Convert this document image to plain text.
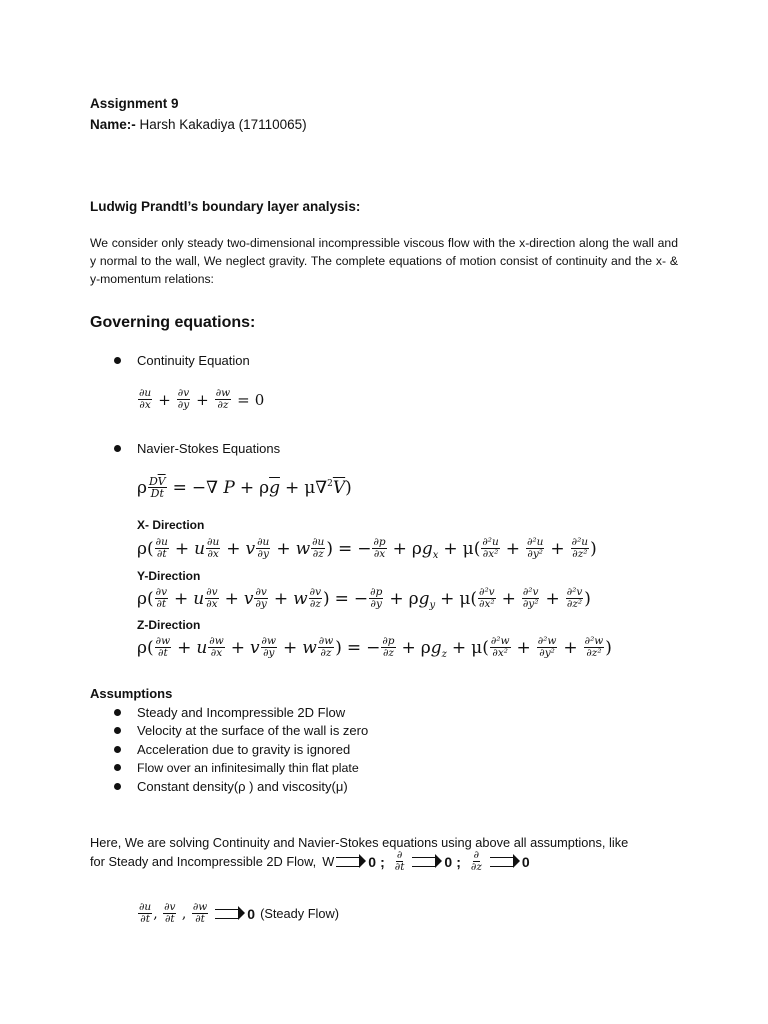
Assignment 9
Name:- Harsh Kakadiya (17110065)
Ludwig Prandtl’s boundary layer analysis:
We consider only steady two-dimensional incompressible viscous flow with the x-direction along the wall and y normal to the wall, We neglect gravity. The complete equations of motion consist of continuity and the x- & y-momentum relations:
Governing equations:
Continuity Equation
$\frac{\partial u}{\partial x} + \frac{\partial v}{\partial y} + \frac{\partial w}{\partial z} = 0$
Navier-Stokes Equations
ρ $\frac{D\overline{V}}{Dt}$ = −∇ $P + \rho\overline{g} + \mu\nabla^2\overline{V}$)
X- Direction
$\rho( \frac{\partial u}{\partial t} + u \frac{\partial u}{\partial x} + v \frac{\partial u}{\partial y} + w \frac{\partial u}{\partial z}$ ) = − $\frac{\partial p}{\partial x} + \rho g_x + \mu( \frac{\text{∂²u}}{\text{∂x²}} + \frac{\text{∂²u}}{\text{∂y²}} + \frac{\text{∂²u}}{\text{∂z²}}$ )
Y-Direction
$\rho( \frac{\partial v}{\partial t} + u \frac{\partial v}{\partial x} + v \frac{\partial v}{\partial y} + w \frac{\partial v}{\partial z}$ ) = − $\frac{\partial p}{\partial y} + \rho g_y + \mu( \frac{\text{∂²v}}{\text{∂x²}} + \frac{\text{∂²v}}{\text{∂y²}} + \frac{\text{∂²v}}{\text{∂z²}}$ )
Z-Direction
$\rho( \frac{\partial w}{\partial t} + u \frac{\partial w}{\partial x} + v \frac{\partial w}{\partial y} + w \frac{\partial w}{\partial z}$ ) = − $\frac{\partial p}{\partial z} + \rho g_z + \mu( \frac{\text{∂²w}}{\text{∂x²}} + \frac{\text{∂²w}}{\text{∂y²}} + \frac{\text{∂²w}}{\text{∂z²}}$ )
Assumptions
Steady and Incompressible 2D Flow
Velocity at the surface of the wall is zero
Acceleration due to gravity is ignored
Flow over an infinitesimally thin flat plate
Constant density(ρ ) and viscosity(μ)
Here, We are solving Continuity and Navier-Stokes equations using above all assumptions, like
for Steady and Incompressible 2D Flow, W 0 ; $\frac{\partial}{\partial t}$	0 ; $\frac{\partial}{\partial z}$	0
$\frac{\partial u}{\partial t}$ , $\frac{\partial v}{\partial t}$ , $\frac{\partial w}{\partial t}$	0 (Steady Flow)
